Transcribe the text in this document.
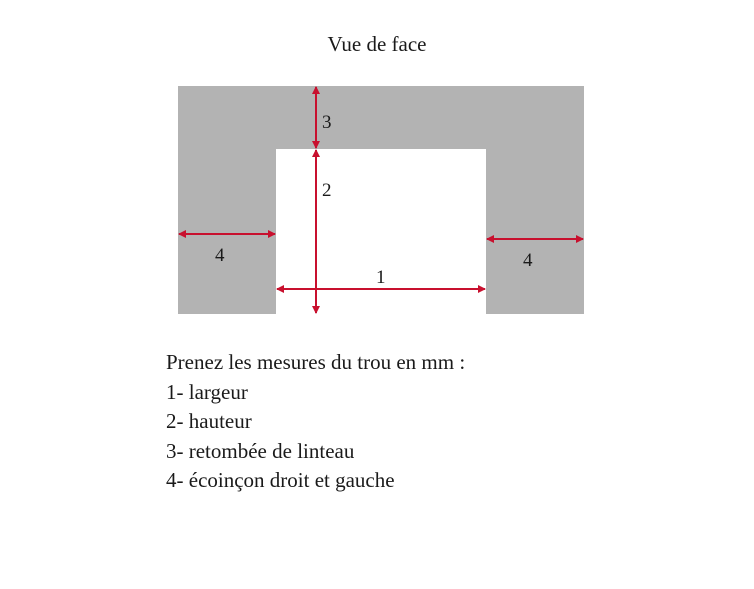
Vue de face
3
2
4	4
1
Prenez les mesures du trou en mm :
1- largeur
2- hauteur
3- retombée de linteau
4- écoinçon droit et gauche
